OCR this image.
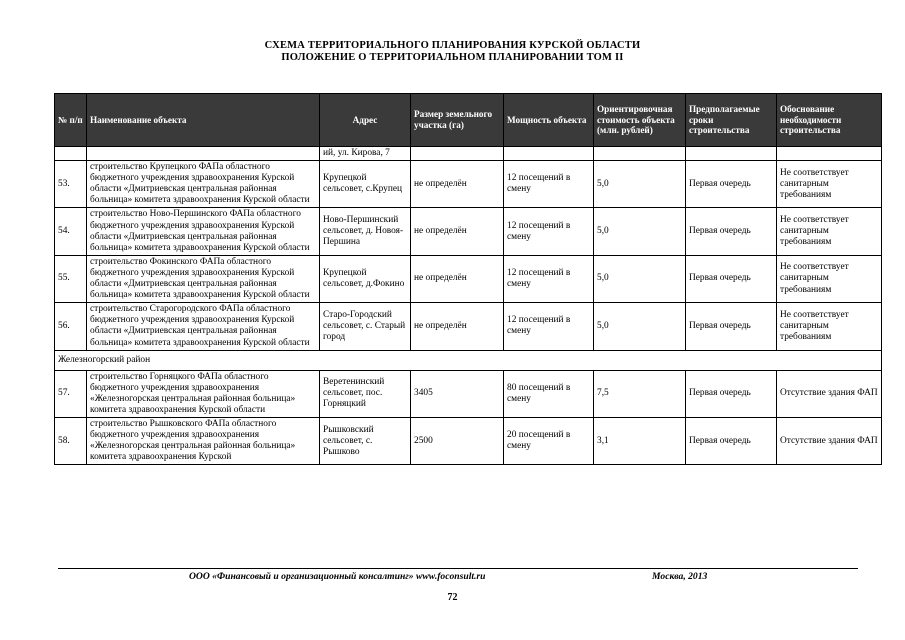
СХЕМА ТЕРРИТОРИАЛЬНОГО ПЛАНИРОВАНИЯ КУРСКОЙ ОБЛАСТИ
ПОЛОЖЕНИЕ О ТЕРРИТОРИАЛЬНОМ ПЛАНИРОВАНИИ ТОМ II
№ п/п	Наименование объекта	Адрес	Размер земельного участка (га)	Мощность объекта	Ориентировочная стоимость объекта (млн. рублей)	Предполагаемые сроки строительства	Обоснование необходимости строительства
		ий, ул. Кирова, 7					
53.	строительство Крупецкого ФАПа областного бюджетного учреждения здравоохранения Курской области «Дмитриевская центральная районная больница» комитета здравоохранения Курской области	Крупецкой сельсовет, с.Крупец	не определён	12 посещений в смену	5,0	Первая очередь	Не соответствует санитарным требованиям
54.	строительство Ново-Першинского ФАПа областного бюджетного учреждения здравоохранения Курской области «Дмитриевская центральная районная больница» комитета здравоохранения Курской области	Ново-Першинский сельсовет, д. Новоя-Першина	не определён	12 посещений в смену	5,0	Первая очередь	Не соответствует санитарным требованиям
55.	строительство Фокинского ФАПа областного бюджетного учреждения здравоохранения Курской области «Дмитриевская центральная районная больница» комитета здравоохранения Курской области	Крупецкой сельсовет, д.Фокино	не определён	12 посещений в смену	5,0	Первая очередь	Не соответствует санитарным требованиям
56.	строительство Старогородского ФАПа областного бюджетного учреждения здравоохранения Курской области «Дмитриевская центральная районная больница» комитета здравоохранения Курской области	Старо-Городский сельсовет, с. Старый город	не определён	12 посещений в смену	5,0	Первая очередь	Не соответствует санитарным требованиям
Железногорский район							
57.	строительство Горняцкого ФАПа областного бюджетного учреждения здравоохранения «Железногорская центральная районная больница» комитета здравоохранения Курской области	Веретенинский сельсовет, пос. Горняцкий	3405	80 посещений в смену	7,5	Первая очередь	Отсутствие здания ФАП
58.	строительство Рышковского ФАПа областного бюджетного учреждения здравоохранения «Железногорская центральная районная больница» комитета здравоохранения Курской	Рышковский сельсовет, с. Рышково	2500	20 посещений в смену	3,1	Первая очередь	Отсутствие здания ФАП
ООО «Финансовый и организационный консалтинг» www.foconsult.ru	Москва, 2013
72
